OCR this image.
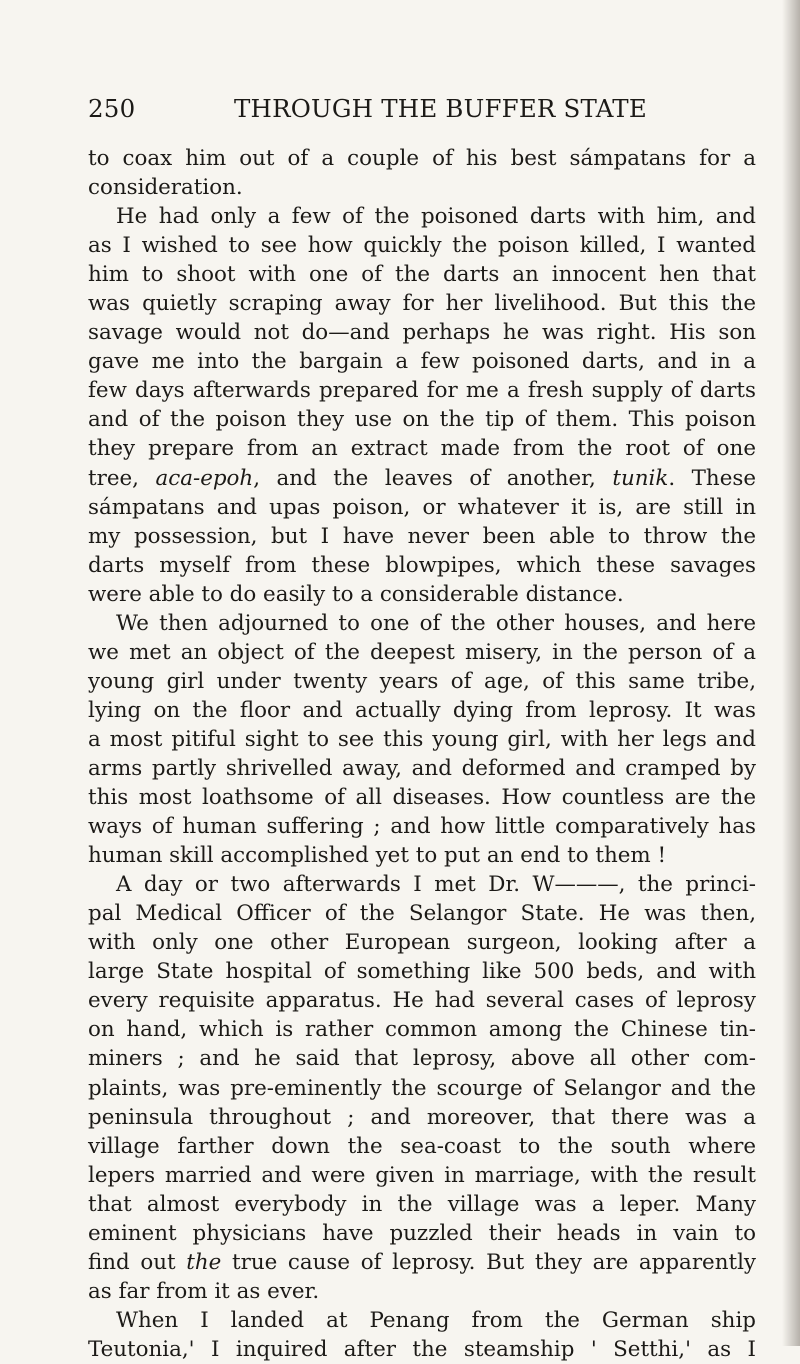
250	THROUGH THE BUFFER STATE
to coax him out of a couple of his best sámpatans for a
consideration.
He had only a few of the poisoned darts with him, and
as I wished to see how quickly the poison killed, I wanted
him to shoot with one of the darts an innocent hen that
was quietly scraping away for her livelihood. But this the
savage would not do—and perhaps he was right. His son
gave me into the bargain a few poisoned darts, and in a
few days afterwards prepared for me a fresh supply of darts
and of the poison they use on the tip of them. This poison
they prepare from an extract made from the root of one
tree, aca-epoh, and the leaves of another, tunik. These
sámpatans and upas poison, or whatever it is, are still in
my possession, but I have never been able to throw the
darts myself from these blowpipes, which these savages
were able to do easily to a considerable distance.
We then adjourned to one of the other houses, and here
we met an object of the deepest misery, in the person of a
young girl under twenty years of age, of this same tribe,
lying on the floor and actually dying from leprosy. It was
a most pitiful sight to see this young girl, with her legs and
arms partly shrivelled away, and deformed and cramped by
this most loathsome of all diseases. How countless are the
ways of human suffering ; and how little comparatively has
human skill accomplished yet to put an end to them !
A day or two afterwards I met Dr. W———, the princi-
pal Medical Officer of the Selangor State. He was then,
with only one other European surgeon, looking after a
large State hospital of something like 500 beds, and with
every requisite apparatus. He had several cases of leprosy
on hand, which is rather common among the Chinese tin-
miners ; and he said that leprosy, above all other com-
plaints, was pre-eminently the scourge of Selangor and the
peninsula throughout ; and moreover, that there was a
village farther down the sea-coast to the south where
lepers married and were given in marriage, with the result
that almost everybody in the village was a leper. Many
eminent physicians have puzzled their heads in vain to
find out the true cause of leprosy. But they are apparently
as far from it as ever.
When I landed at Penang from the German ship
Teutonia,' I inquired after the steamship ' Setthi,' as I
